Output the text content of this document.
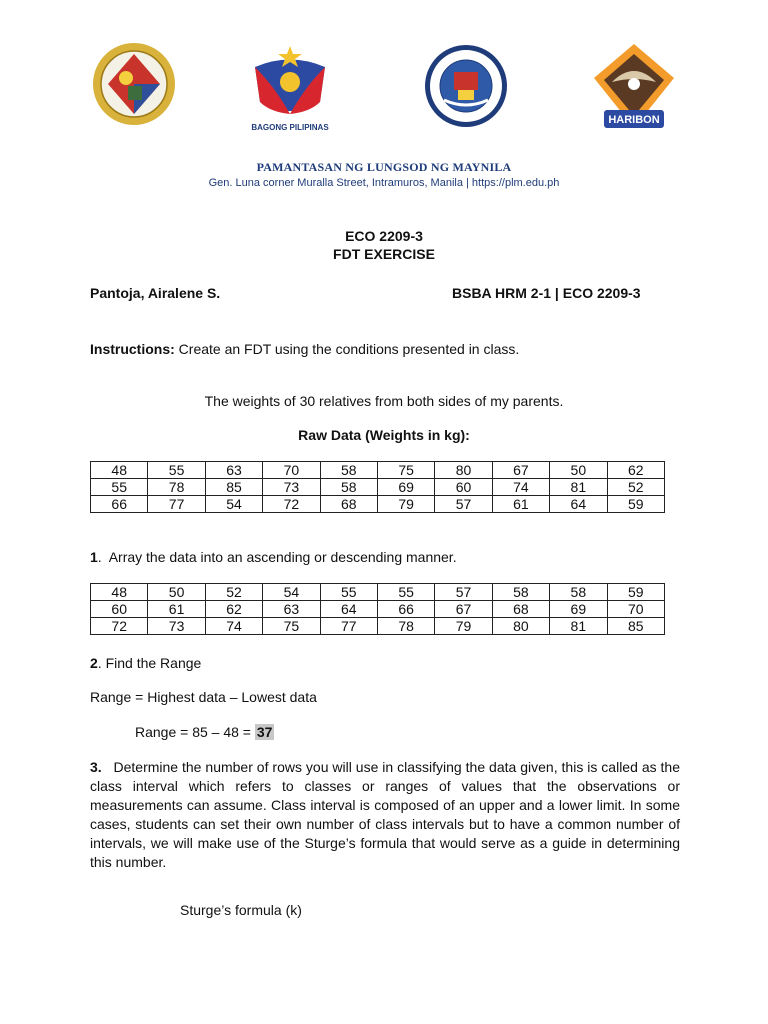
BAGONG PILIPINAS
HARIBON
PAMANTASAN NG LUNGSOD NG MAYNILA
Gen. Luna corner Muralla Street, Intramuros, Manila | https://plm.edu.ph
ECO 2209-3
FDT EXERCISE
Pantoja, Airalene S.	BSBA HRM 2-1 | ECO 2209-3
Instructions: Create an FDT using the conditions presented in class.
The weights of 30 relatives from both sides of my parents.
Raw Data (Weights in kg):
48	55	63	70	58	75	80	67	50	62
55	78	85	73	58	69	60	74	81	52
66	77	54	72	68	79	57	61	64	59
1.  Array the data into an ascending or descending manner.
48	50	52	54	55	55	57	58	58	59
60	61	62	63	64	66	67	68	69	70
72	73	74	75	77	78	79	80	81	85
2. Find the Range
Range = Highest data – Lowest data
Range = 85 – 48 = 37
3.   Determine the number of rows you will use in classifying the data given, this is called as the class interval which refers to classes or ranges of values that the observations or measurements can assume. Class interval is composed of an upper and a lower limit. In some cases, students can set their own number of class intervals but to have a common number of intervals, we will make use of the Sturge’s formula that would serve as a guide in determining this number.
Sturge’s formula (k)
